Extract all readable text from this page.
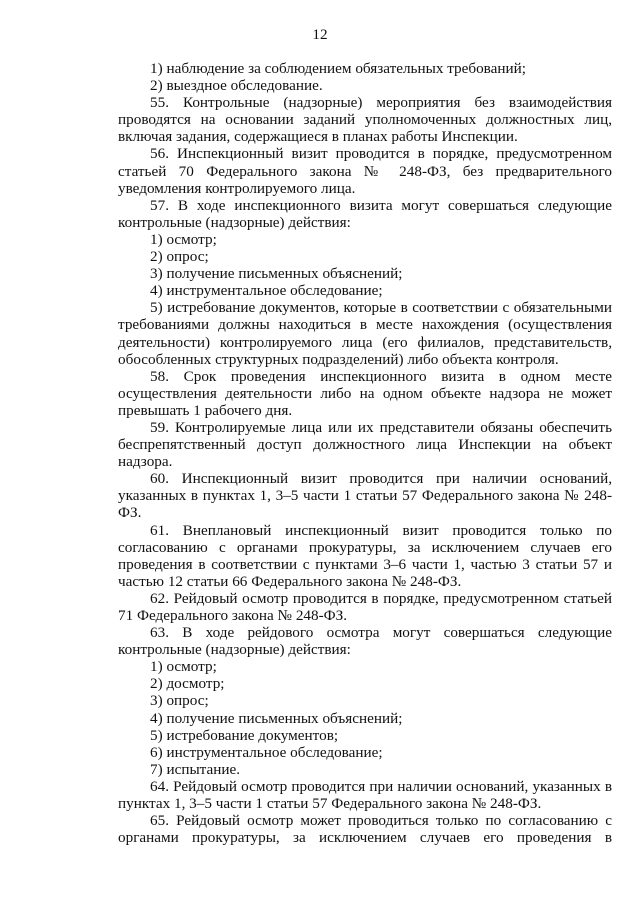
12

1) наблюдение за соблюдением обязательных требований;

2) выездное обследование.

55. Контрольные (надзорные) мероприятия без взаимодействия проводятся на основании заданий уполномоченных должностных лиц, включая задания, содержащиеся в планах работы Инспекции.

56. Инспекционный визит проводится в порядке, предусмотренном статьей 70 Федерального закона № 248-ФЗ, без предварительного уведомления контролируемого лица.

57. В ходе инспекционного визита могут совершаться следующие контрольные (надзорные) действия:

1) осмотр;

2) опрос;

3) получение письменных объяснений;

4) инструментальное обследование;

5) истребование документов, которые в соответствии с обязательными требованиями должны находиться в месте нахождения (осуществления деятельности) контролируемого лица (его филиалов, представительств, обособленных структурных подразделений) либо объекта контроля.

58. Срок проведения инспекционного визита в одном месте осуществления деятельности либо на одном объекте надзора не может превышать 1 рабочего дня.

59. Контролируемые лица или их представители обязаны обеспечить беспрепятственный доступ должностного лица Инспекции на объект надзора.

60. Инспекционный визит проводится при наличии оснований, указанных в пунктах 1, 3–5 части 1 статьи 57 Федерального закона № 248-ФЗ.

61. Внеплановый инспекционный визит проводится только по согласованию с органами прокуратуры, за исключением случаев его проведения в соответствии с пунктами 3–6 части 1, частью 3 статьи 57 и частью 12 статьи 66 Федерального закона № 248-ФЗ.

62. Рейдовый осмотр проводится в порядке, предусмотренном статьей 71 Федерального закона № 248-ФЗ.

63. В ходе рейдового осмотра могут совершаться следующие контрольные (надзорные) действия:

1) осмотр;

2) досмотр;

3) опрос;

4) получение письменных объяснений;

5) истребование документов;

6) инструментальное обследование;

7) испытание.

64. Рейдовый осмотр проводится при наличии оснований, указанных в пунктах 1, 3–5 части 1 статьи 57 Федерального закона № 248-ФЗ.

65. Рейдовый осмотр может проводиться только по согласованию с органами прокуратуры, за исключением случаев его проведения в
